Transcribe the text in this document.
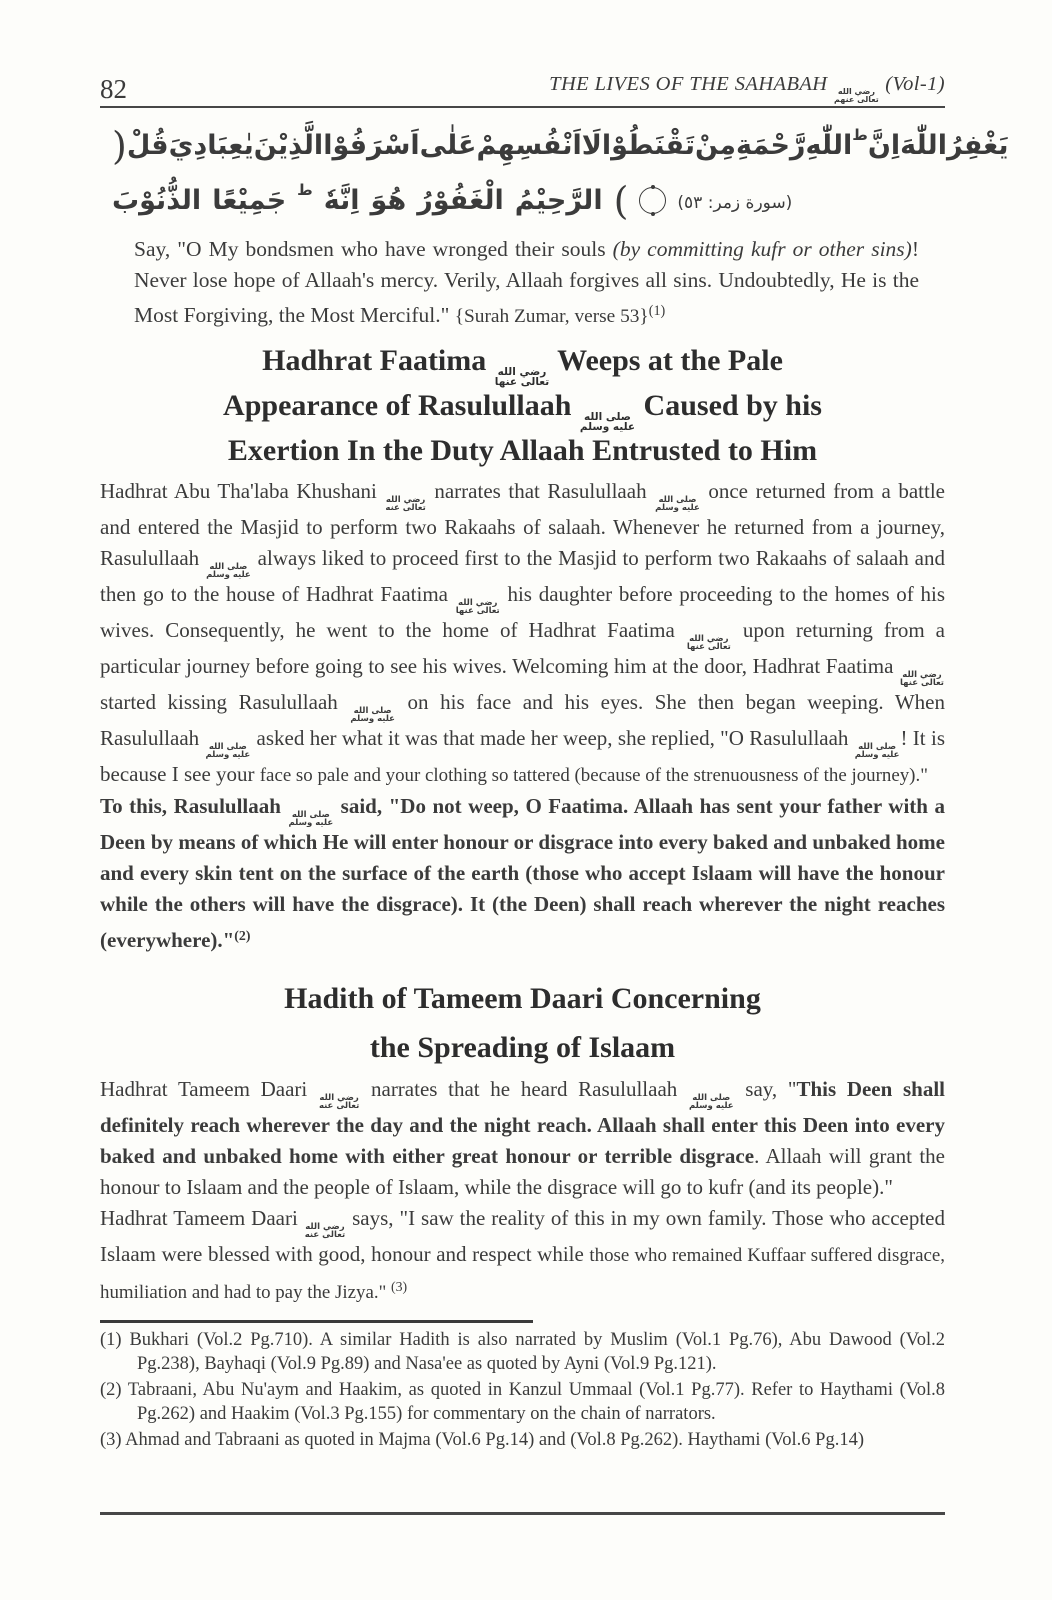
82	THE LIVES OF THE SAHABAH رضي الله
تعالى عنهم
(Vol-1)
( قُلْ يٰعِبَادِيَ الَّذِيْنَ اَسْرَفُوْا عَلٰى اَنْفُسِهِمْ لَا تَقْنَطُوْا مِنْ رَّحْمَةِ اللّٰهِ ط اِنَّ اللّٰهَ يَغْفِرُ
الذُّنُوْبَ جَمِيْعًا ط اِنَّهٗ هُوَ الْغَفُوْرُ الرَّحِيْمُ )	(سورة زمر: ٥٣)

Say, "O My bondsmen who have wronged their souls (by committing kufr or other sins)! Never lose hope of Allaah's mercy. Verily, Allaah forgives all sins. Undoubtedly, He is the Most Forgiving, the Most Merciful." {Surah Zumar, verse 53}$^{(1)}$

Hadhrat Faatima رضي الله
تعالى عنها
Weeps at the Pale
Appearance of Rasulullaah صلى الله
عليه وسلم
Caused by his
Exertion In the Duty Allaah Entrusted to Him

Hadhrat Abu Tha'laba Khushani رضي الله
تعالى عنه
narrates that Rasulullaah صلى الله
عليه وسلم
once returned from a battle and entered the Masjid to perform two Rakaahs of salaah. Whenever he returned from a journey, Rasulullaah صلى الله
عليه وسلم
always liked to proceed first to the Masjid to perform two Rakaahs of salaah and then go to the house of Hadhrat Faatima رضي الله
تعالى عنها
his daughter before proceeding to the homes of his wives. Consequently, he went to the home of Hadhrat Faatima رضي الله
تعالى عنها
upon returning from a particular journey before going to see his wives. Welcoming him at the door, Hadhrat Faatima رضي الله
تعالى عنها
started kissing Rasulullaah صلى الله
عليه وسلم
on his face and his eyes. She then began weeping. When Rasulullaah صلى الله
عليه وسلم
asked her what it was that made her weep, she replied, "O Rasulullaah صلى الله
عليه وسلم
! It is because I see your face so pale and your clothing so tattered (because of the strenuousness of the journey)."

To this, Rasulullaah صلى الله
عليه وسلم
said, "Do not weep, O Faatima. Allaah has sent your father with a Deen by means of which He will enter honour or disgrace into every baked and unbaked home and every skin tent on the surface of the earth (those who accept Islaam will have the honour while the others will have the disgrace). It (the Deen) shall reach wherever the night reaches (everywhere)."$^{(2)}$

Hadith of Tameem Daari Concerning
the Spreading of Islaam

Hadhrat Tameem Daari رضي الله
تعالى عنه
narrates that he heard Rasulullaah صلى الله
عليه وسلم
say, "This Deen shall definitely reach wherever the day and the night reach. Allaah shall enter this Deen into every baked and unbaked home with either great honour or terrible disgrace. Allaah will grant the honour to Islaam and the people of Islaam, while the disgrace will go to kufr (and its people)."

Hadhrat Tameem Daari رضي الله
تعالى عنه
says, "I saw the reality of this in my own family. Those who accepted Islaam were blessed with good, honour and respect while those who remained Kuffaar suffered disgrace, humiliation and had to pay the Jizya." $^{(3)}$

(1) Bukhari (Vol.2 Pg.710). A similar Hadith is also narrated by Muslim (Vol.1 Pg.76), Abu Dawood (Vol.2 Pg.238), Bayhaqi (Vol.9 Pg.89) and Nasa'ee as quoted by Ayni (Vol.9 Pg.121).

(2) Tabraani, Abu Nu'aym and Haakim, as quoted in Kanzul Ummaal (Vol.1 Pg.77). Refer to Haythami (Vol.8 Pg.262) and Haakim (Vol.3 Pg.155) for commentary on the chain of narrators.

(3) Ahmad and Tabraani as quoted in Majma (Vol.6 Pg.14) and (Vol.8 Pg.262). Haythami (Vol.6 Pg.14)
